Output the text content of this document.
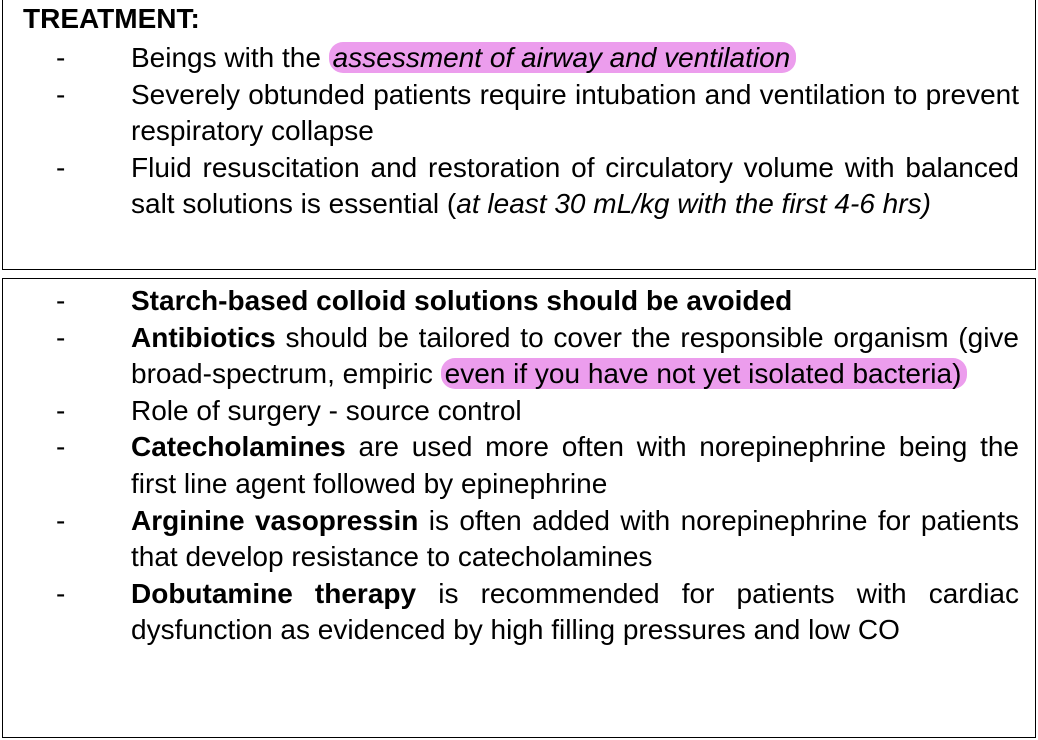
TREATMENT:
- Beings with the assessment of airway and ventilation
- Severely obtunded patients require intubation and ventilation to prevent respiratory collapse
- Fluid resuscitation and restoration of circulatory volume with balanced salt solutions is essential (at least 30 mL/kg with the first 4-6 hrs)
- Starch-based colloid solutions should be avoided
- Antibiotics should be tailored to cover the responsible organism (give broad-spectrum, empiric even if you have not yet isolated bacteria)
- Role of surgery - source control
- Catecholamines are used more often with norepinephrine being the first line agent followed by epinephrine
- Arginine vasopressin is often added with norepinephrine for patients that develop resistance to catecholamines
- Dobutamine therapy is recommended for patients with cardiac dysfunction as evidenced by high filling pressures and low CO
